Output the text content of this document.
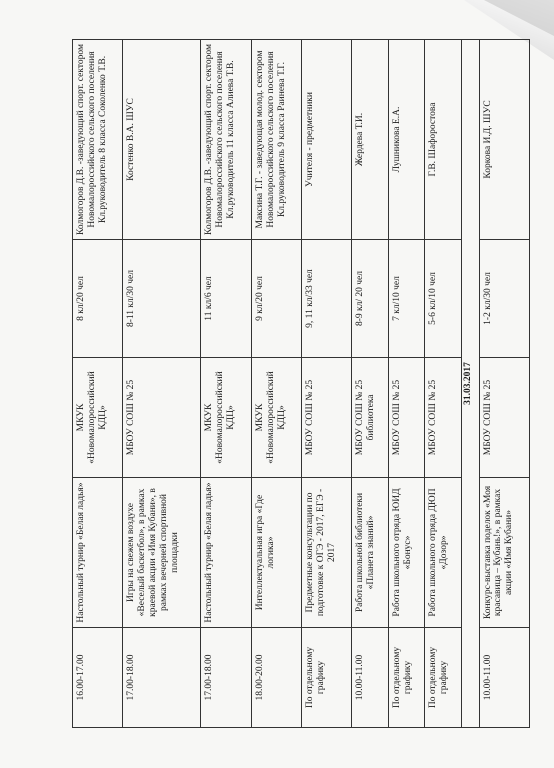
16.00-17.00	Настольный турнир «Белая ладья»	МКУК «Новомалороссийский КДЦ»	8 кл/20 чел	Колмогоров Д.В. -заведующий спорт. сектором Новомалороссийского сельского поселения Кл.руководитель 8 класса Соколенко Т.В.
17.00-18.00	Игры на свежем воздухе «Веселый баскетбол», в рамках краевой акции «Имя Кубани», в рамках вечерней спортивной площадки	МБОУ СОШ № 25	8-11 кл/30 чел	Костенко В.А. ШУС
17.00-18.00	Настольный турнир «Белая ладья»	МКУК «Новомалороссийский КДЦ»	11 кл/6 чел	Колмогоров Д.В. -заведующий спорт. сектором Новомалороссийского сельского поселения Кл.руководитель 11 класса Алиева Т.В.
18.00-20.00	Интеллектуальная игра «Где логика»	МКУК «Новомалороссийский КДЦ»	9 кл/20 чел	Максина Т.Г. - заведующая молод. сектором Новомалороссийского сельского поселения Кл.руководитель 9 класса Раинева Т.Г.
По отдельному графику	Предметные консультации по подготовке к ОГЭ - 2017, ЕГЭ - 2017	МБОУ СОШ № 25	9, 11 кл/33 чел	Учителя - предметники
10.00-11.00	Работа школьной библиотеки «Планета знаний»	МБОУ СОШ № 25 библиотека	8-9 кл/ 20 чел	Жердева Т.И.
По отдельному графику	Работа школьного отряда ЮИД «Бонус»	МБОУ СОШ № 25	7 кл/10 чел	Лушникова Е.А.
По отдельному графику	Работа школьного отряда ДЮП «Дозор»	МБОУ СОШ № 25	5-6 кл/10 чел	Г.В. Шафоростова
31.03.2017				
10.00-11.00	Конкурс-выставка поделок «Моя красавица – Кубань!», в рамках акции «Имя Кубани»	МБОУ СОШ № 25	1-2 кл/30 чел	Коркова И.Д. ШУС
